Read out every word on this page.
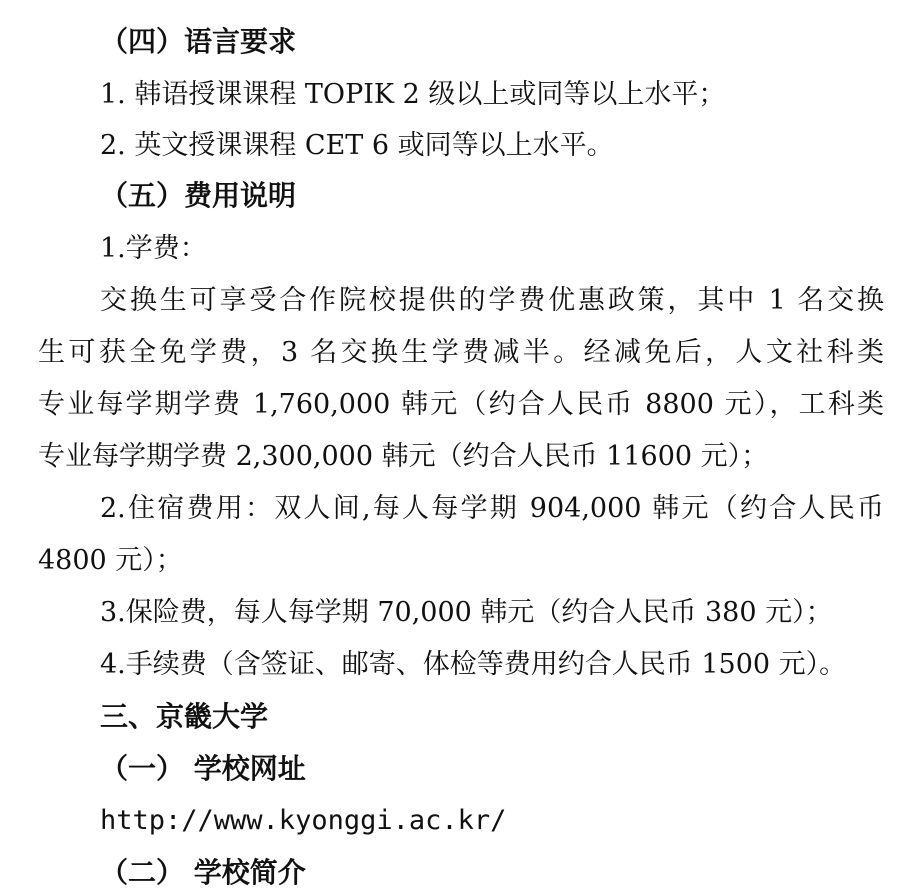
（四）语言要求
1. 韩语授课课程 TOPIK 2 级以上或同等以上水平；
2. 英文授课课程 CET 6 或同等以上水平。
（五）费用说明
1.学费：
交换生可享受合作院校提供的学费优惠政策，其中 1 名交换
生可获全免学费，3 名交换生学费减半。经减免后，人文社科类
专业每学期学费 1,760,000 韩元（约合人民币 8800 元），工科类
专业每学期学费 2,300,000 韩元（约合人民币 11600 元）；
2.住宿费用：双人间,每人每学期 904,000 韩元（约合人民币
4800 元）；
3.保险费，每人每学期 70,000 韩元（约合人民币 380 元）；
4.手续费（含签证、邮寄、体检等费用约合人民币 1500 元）。
三、京畿大学
（一） 学校网址
http://www.kyonggi.ac.kr/
（二） 学校简介
